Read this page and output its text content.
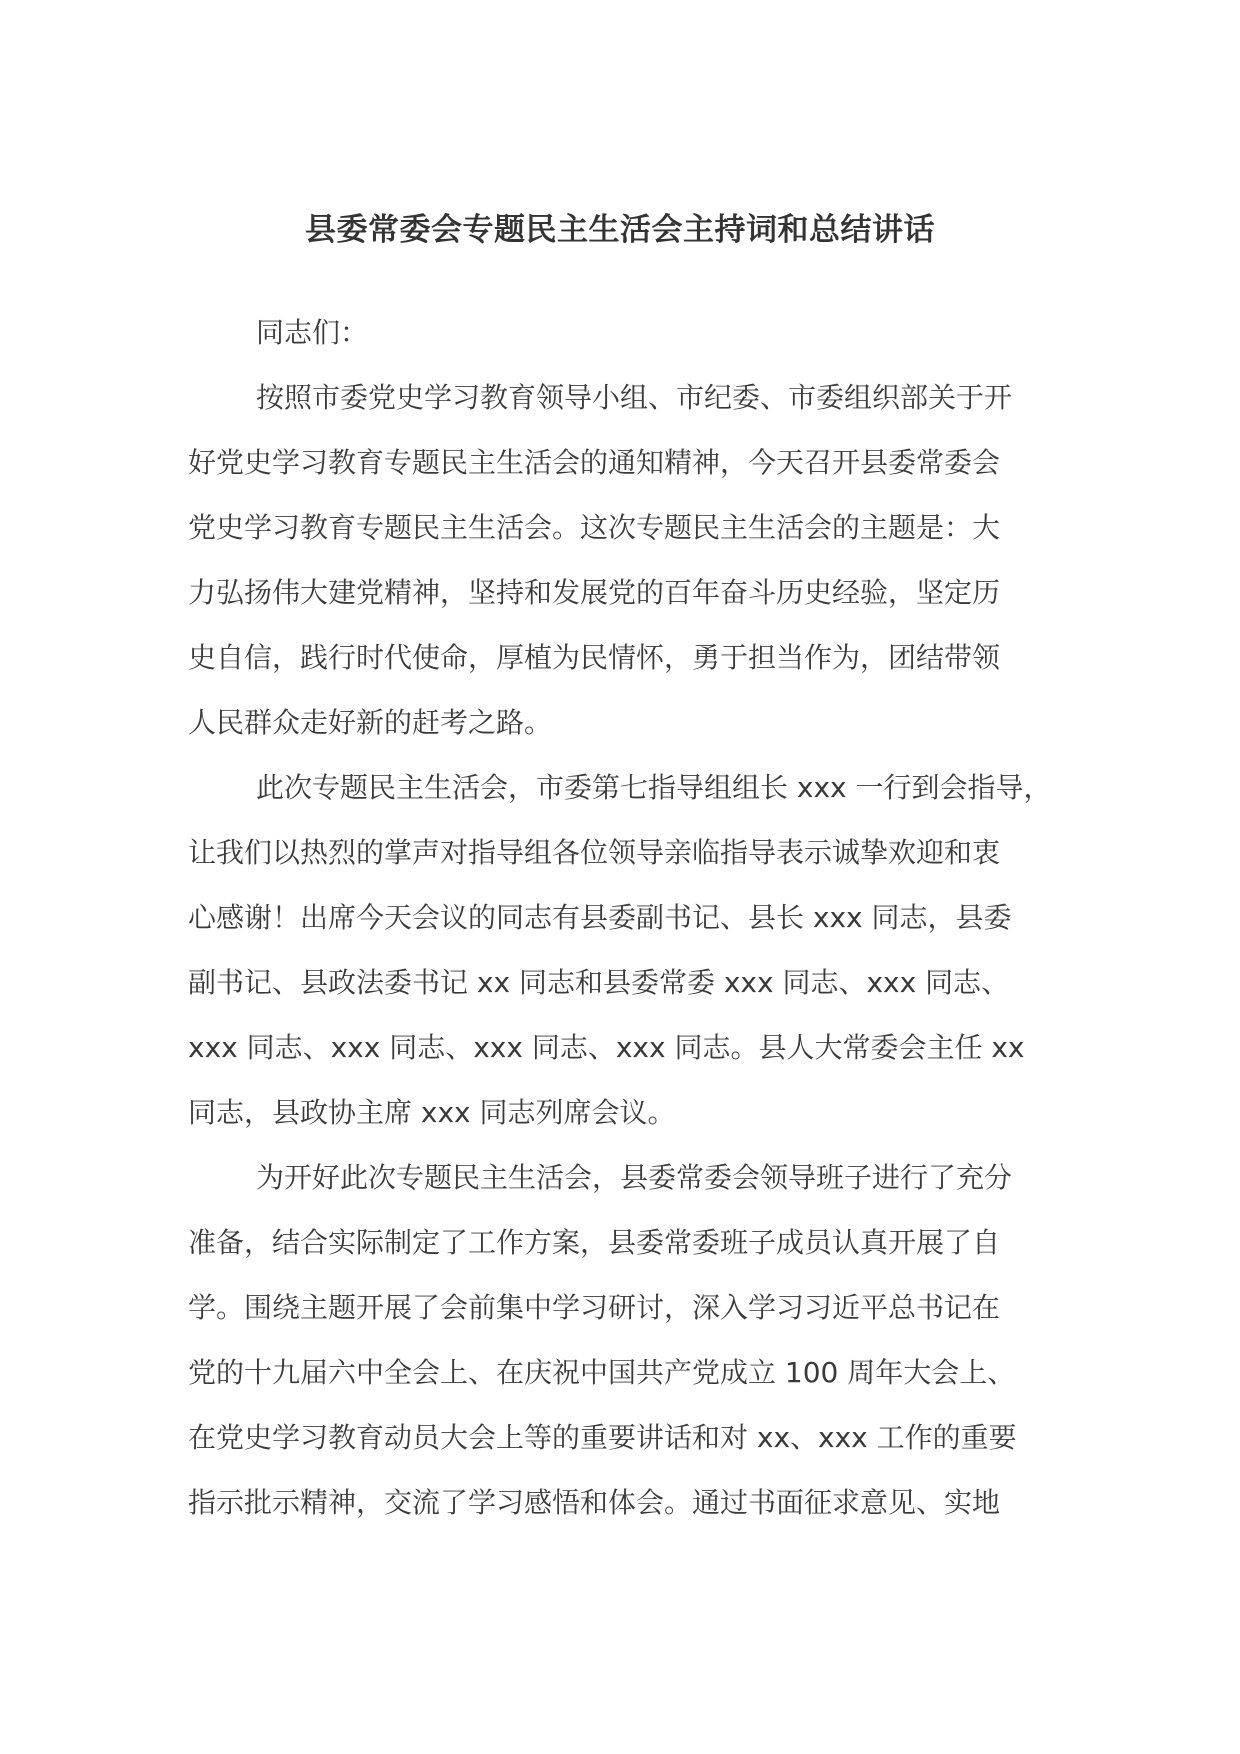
县委常委会专题民主生活会主持词和总结讲话

同志们：

按照市委党史学习教育领导小组、市纪委、市委组织部关于开
好党史学习教育专题民主生活会的通知精神，今天召开县委常委会
党史学习教育专题民主生活会。这次专题民主生活会的主题是：大
力弘扬伟大建党精神，坚持和发展党的百年奋斗历史经验，坚定历
史自信，践行时代使命，厚植为民情怀，勇于担当作为，团结带领
人民群众走好新的赶考之路。

此次专题民主生活会，市委第七指导组组长 xxx 一行到会指导，
让我们以热烈的掌声对指导组各位领导亲临指导表示诚挚欢迎和衷
心感谢！出席今天会议的同志有县委副书记、县长 xxx 同志，县委
副书记、县政法委书记 xx 同志和县委常委 xxx 同志、xxx 同志、
xxx 同志、xxx 同志、xxx 同志、xxx 同志。县人大常委会主任 xx
同志，县政协主席 xxx 同志列席会议。

为开好此次专题民主生活会，县委常委会领导班子进行了充分
准备，结合实际制定了工作方案，县委常委班子成员认真开展了自
学。围绕主题开展了会前集中学习研讨，深入学习习近平总书记在
党的十九届六中全会上、在庆祝中国共产党成立 100 周年大会上、
在党史学习教育动员大会上等的重要讲话和对 xx、xxx 工作的重要
指示批示精神，交流了学习感悟和体会。通过书面征求意见、实地
